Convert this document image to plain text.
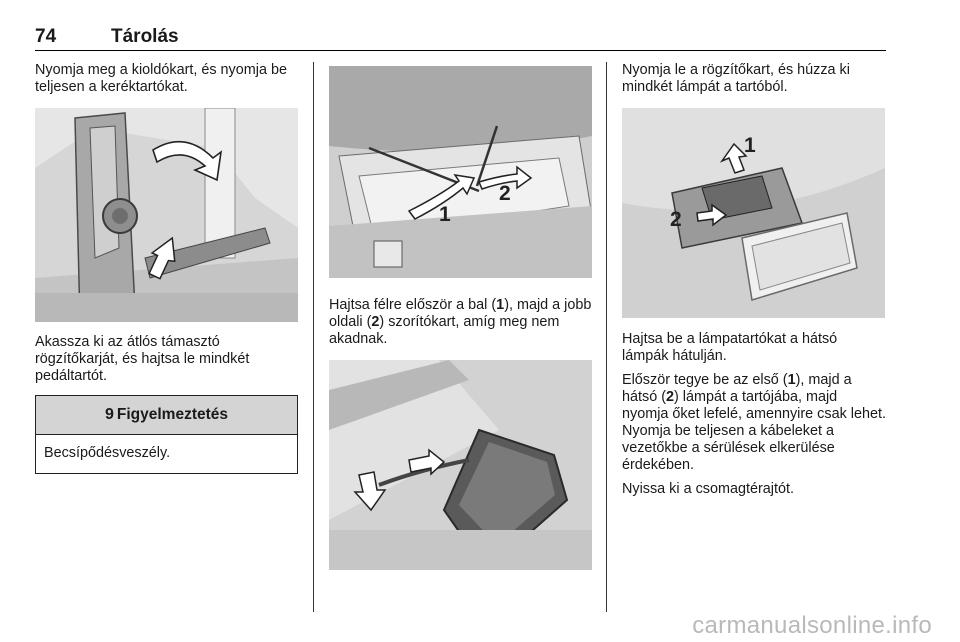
74	Tárolás

Nyomja meg a kioldókart, és nyomja be teljesen a keréktartókat.

Akassza ki az átlós támasztó rögzítőkarját, és hajtsa le mindkét pedáltartót.

9 Figyelmeztetés
Becsípődésveszély.
1
2

Hajtsa félre először a bal (1), majd a jobb oldali (2) szorítókart, amíg meg nem akadnak.

Nyomja le a rögzítőkart, és húzza ki mindkét lámpát a tartóból.

1
2

Hajtsa be a lámpatartókat a hátsó lámpák hátulján.

Először tegye be az első (1), majd a hátsó (2) lámpát a tartójába, majd nyomja őket lefelé, amennyire csak lehet. Nyomja be teljesen a kábeleket a vezetőkbe a sérülések elkerülése érdekében.

Nyissa ki a csomagtérajtót.

carmanualsonline.info
